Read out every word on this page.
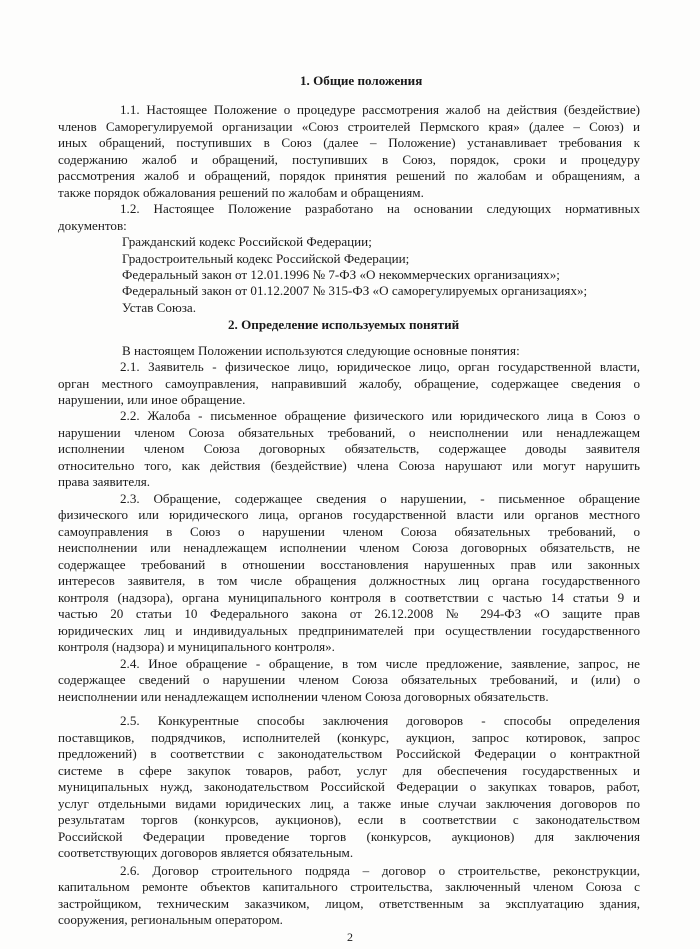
1. Общие положения
1.1. Настоящее Положение о процедуре рассмотрения жалоб на действия (бездействие)
членов Саморегулируемой организации «Союз строителей Пермского края» (далее – Союз) и
иных обращений, поступивших в Союз (далее – Положение) устанавливает требования к
содержанию жалоб и обращений, поступивших в Союз, порядок, сроки и процедуру
рассмотрения жалоб и обращений, порядок принятия решений по жалобам и обращениям, а
также порядок обжалования решений по жалобам и обращениям.
1.2. Настоящее Положение разработано на основании следующих нормативных
документов:
Гражданский кодекс Российской Федерации;
Градостроительный кодекс Российской Федерации;
Федеральный закон от 12.01.1996 № 7-ФЗ «О некоммерческих организациях»;
Федеральный закон от 01.12.2007 № 315-ФЗ «О саморегулируемых организациях»;
Устав Союза.
2. Определение используемых понятий
В настоящем Положении используются следующие основные понятия:
2.1. Заявитель - физическое лицо, юридическое лицо, орган государственной власти,
орган местного самоуправления, направивший жалобу, обращение, содержащее сведения о
нарушении, или иное обращение.
2.2. Жалоба - письменное обращение физического или юридического лица в Союз о
нарушении членом Союза обязательных требований, о неисполнении или ненадлежащем
исполнении членом Союза договорных обязательств, содержащее доводы заявителя
относительно того, как действия (бездействие) члена Союза нарушают или могут нарушить
права заявителя.
2.3. Обращение, содержащее сведения о нарушении, - письменное обращение
физического или юридического лица, органов государственной власти или органов местного
самоуправления в Союз о нарушении членом Союза обязательных требований, о
неисполнении или ненадлежащем исполнении членом Союза договорных обязательств, не
содержащее требований в отношении восстановления нарушенных прав или законных
интересов заявителя, в том числе обращения должностных лиц органа государственного
контроля (надзора), органа муниципального контроля в соответствии с частью 14 статьи 9 и
частью 20 статьи 10 Федерального закона от 26.12.2008 № 294-ФЗ «О защите прав
юридических лиц и индивидуальных предпринимателей при осуществлении государственного
контроля (надзора) и муниципального контроля».
2.4. Иное обращение - обращение, в том числе предложение, заявление, запрос, не
содержащее сведений о нарушении членом Союза обязательных требований, и (или) о
неисполнении или ненадлежащем исполнении членом Союза договорных обязательств.
2.5. Конкурентные способы заключения договоров - способы определения
поставщиков, подрядчиков, исполнителей (конкурс, аукцион, запрос котировок, запрос
предложений) в соответствии с законодательством Российской Федерации о контрактной
системе в сфере закупок товаров, работ, услуг для обеспечения государственных и
муниципальных нужд, законодательством Российской Федерации о закупках товаров, работ,
услуг отдельными видами юридических лиц, а также иные случаи заключения договоров по
результатам торгов (конкурсов, аукционов), если в соответствии с законодательством
Российской Федерации проведение торгов (конкурсов, аукционов) для заключения
соответствующих договоров является обязательным.
2.6. Договор строительного подряда – договор о строительстве, реконструкции,
капитальном ремонте объектов капитального строительства, заключенный членом Союза с
застройщиком, техническим заказчиком, лицом, ответственным за эксплуатацию здания,
сооружения, региональным оператором.
2
